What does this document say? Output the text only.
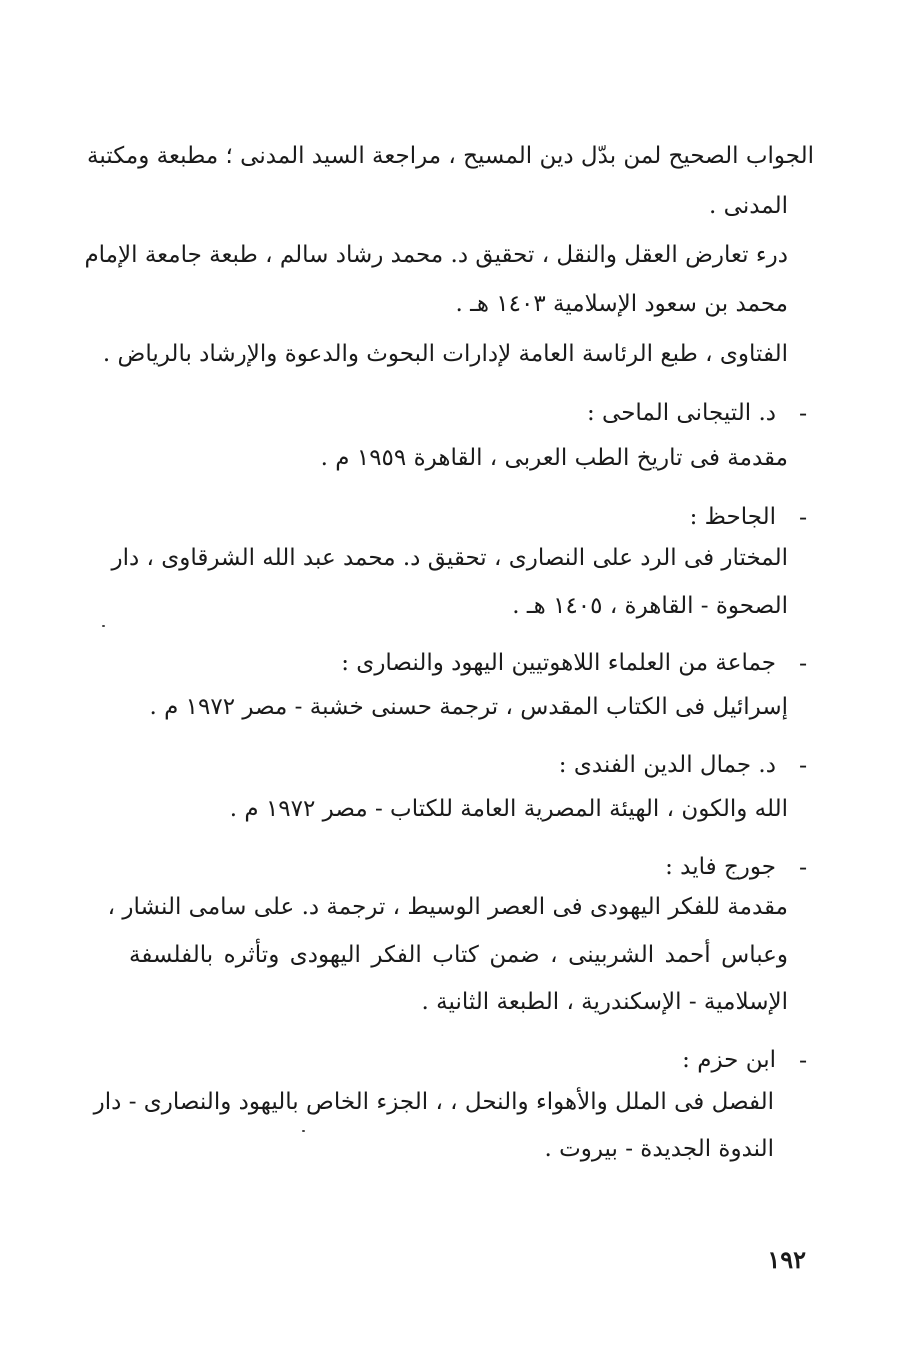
الجواب الصحيح لمن بدّل دين المسيح ، مراجعة السيد المدنى ؛ مطبعة ومكتبة
المدنى .
درء تعارض العقل والنقل ، تحقيق د. محمد رشاد سالم ، طبعة جامعة الإمام
محمد بن سعود الإسلامية ١٤٠٣ هـ .
الفتاوى ، طبع الرئاسة العامة لإدارات البحوث والدعوة والإرشاد بالرياض .
-
د. التيجانى الماحى :
مقدمة فى تاريخ الطب العربى ، القاهرة ١٩٥٩ م .
-
الجاحظ :
المختار فى الرد على النصارى ، تحقيق د. محمد عبد الله الشرقاوى ، دار
الصحوة - القاهرة ، ١٤٠٥ هـ .
-
جماعة من العلماء اللاهوتيين اليهود والنصارى :
إسرائيل فى الكتاب المقدس ، ترجمة حسنى خشبة - مصر ١٩٧٢ م .
-
د. جمال الدين الفندى :
الله والكون ، الهيئة المصرية العامة للكتاب - مصر ١٩٧٢ م .
-
جورج فايد :
مقدمة للفكر اليهودى فى العصر الوسيط ، ترجمة د. على سامى النشار ،
وعباس أحمد الشربينى ، ضمن كتاب الفكر اليهودى وتأثره بالفلسفة
الإسلامية - الإسكندرية ، الطبعة الثانية .
-
ابن حزم :
الفصل فى الملل والأهواء والنحل ، ، الجزء الخاص باليهود والنصارى - دار
الندوة الجديدة - بيروت .
١٩٢
